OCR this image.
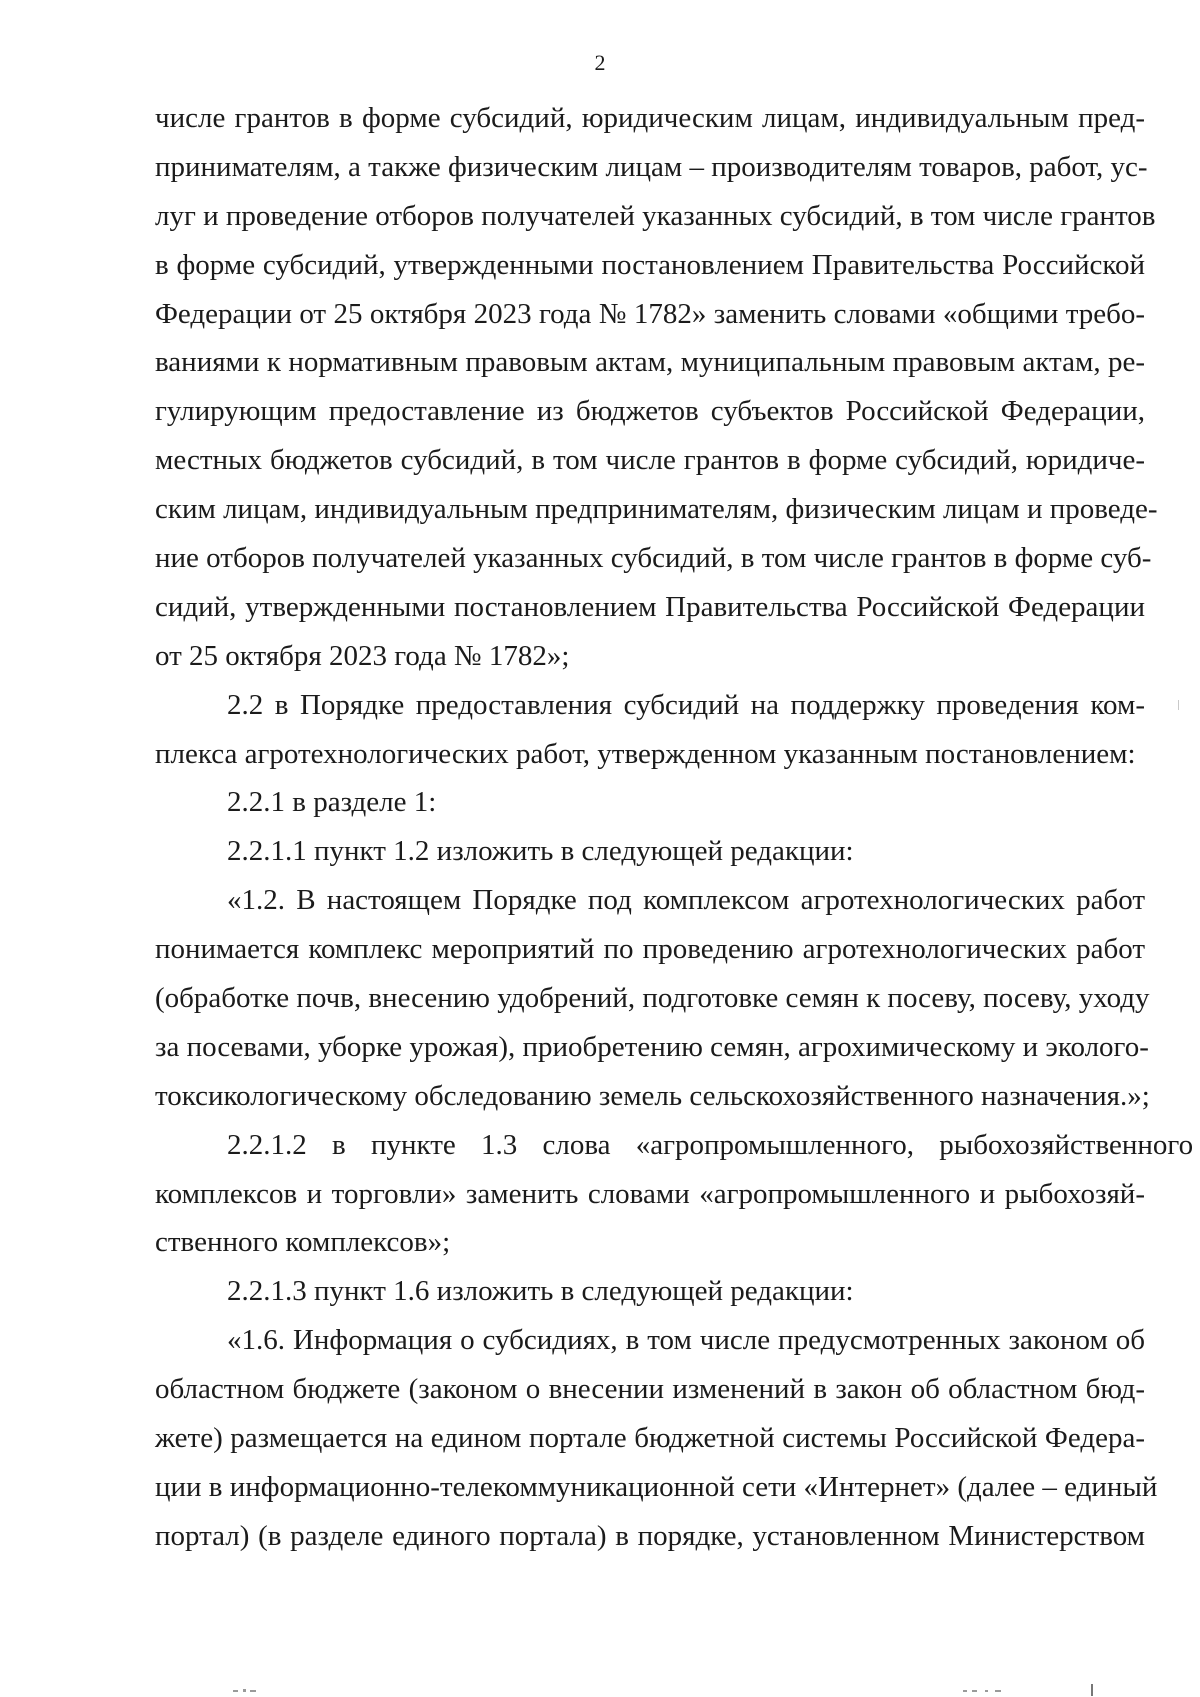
2
числе грантов в форме субсидий, юридическим лицам, индивидуальным пред-
принимателям, а также физическим лицам – производителям товаров, работ, ус-
луг и проведение отборов получателей указанных субсидий, в том числе грантов
в форме субсидий, утвержденными постановлением Правительства Российской
Федерации от 25 октября 2023 года № 1782» заменить словами «общими требо-
ваниями к нормативным правовым актам, муниципальным правовым актам, ре-
гулирующим предоставление из бюджетов субъектов Российской Федерации,
местных бюджетов субсидий, в том числе грантов в форме субсидий, юридиче-
ским лицам, индивидуальным предпринимателям, физическим лицам и проведе-
ние отборов получателей указанных субсидий, в том числе грантов в форме суб-
сидий, утвержденными постановлением Правительства Российской Федерации
от 25 октября 2023 года № 1782»;
2.2 в Порядке предоставления субсидий на поддержку проведения ком-
плекса агротехнологических работ, утвержденном указанным постановлением:
2.2.1 в разделе 1:
2.2.1.1 пункт 1.2 изложить в следующей редакции:
«1.2. В настоящем Порядке под комплексом агротехнологических работ
понимается комплекс мероприятий по проведению агротехнологических работ
(обработке почв, внесению удобрений, подготовке семян к посеву, посеву, уходу
за посевами, уборке урожая), приобретению семян, агрохимическому и эколого-
токсикологическому обследованию земель сельскохозяйственного назначения.»;
2.2.1.2 в пункте 1.3 слова «агропромышленного, рыбохозяйственного
комплексов и торговли» заменить словами «агропромышленного и рыбохозяй-
ственного комплексов»;
2.2.1.3 пункт 1.6 изложить в следующей редакции:
«1.6. Информация о субсидиях, в том числе предусмотренных законом об
областном бюджете (законом о внесении изменений в закон об областном бюд-
жете) размещается на едином портале бюджетной системы Российской Федера-
ции в информационно-телекоммуникационной сети «Интернет» (далее – единый
портал) (в разделе единого портала) в порядке, установленном Министерством
